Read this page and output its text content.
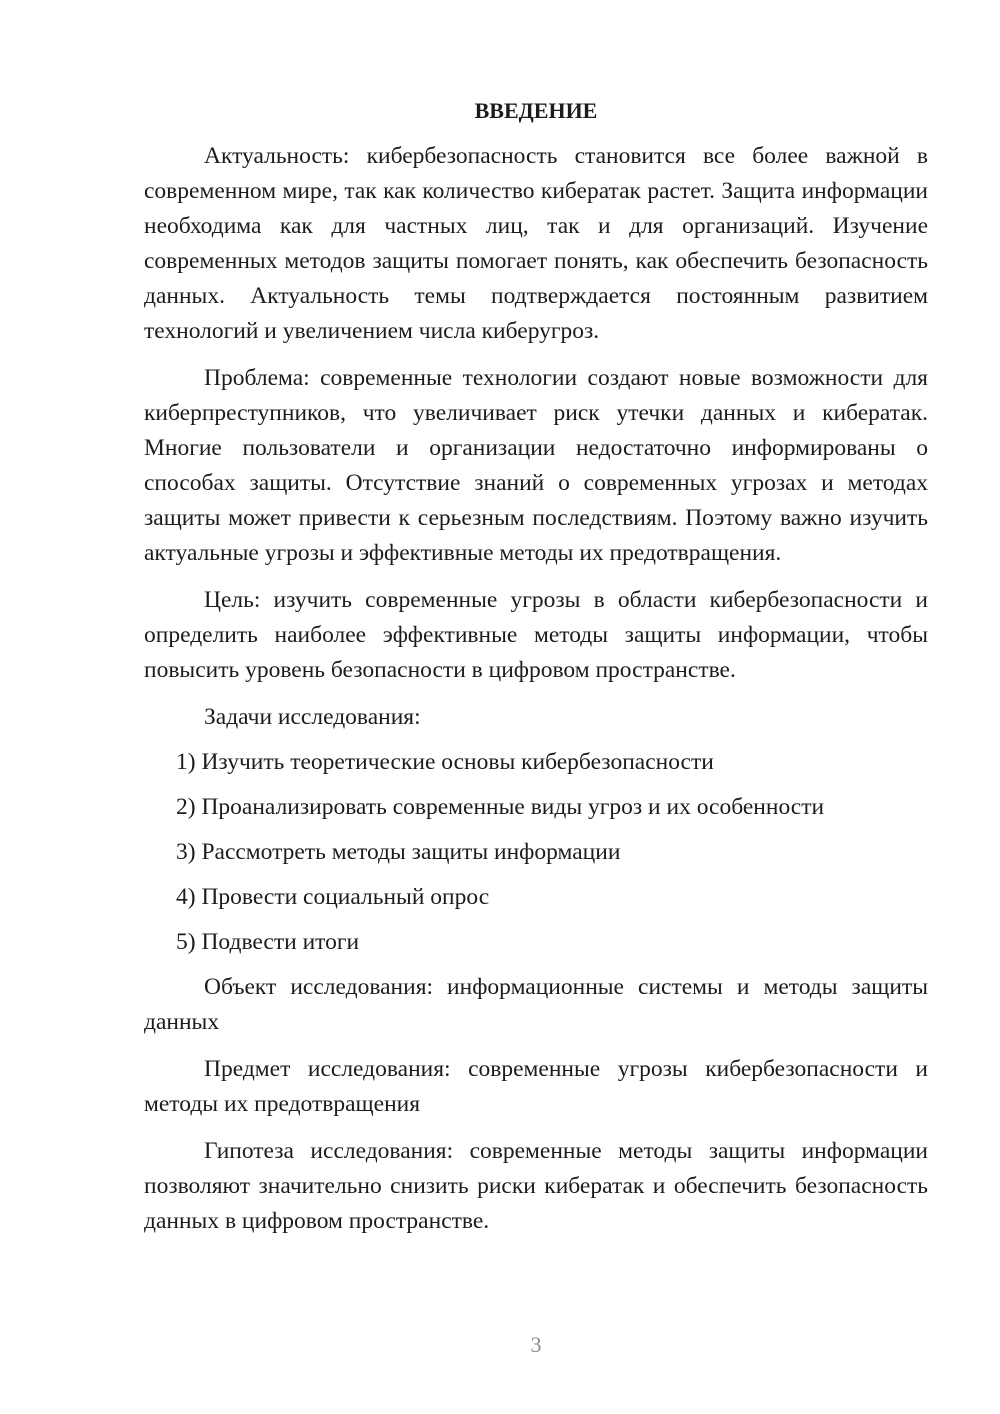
ВВЕДЕНИЕ

Актуальность: кибербезопасность становится все более важной в современном мире, так как количество кибератак растет. Защита информации необходима как для частных лиц, так и для организаций. Изучение современных методов защиты помогает понять, как обеспечить безопасность данных. Актуальность темы подтверждается постоянным развитием технологий и увеличением числа киберугроз.

Проблема: современные технологии создают новые возможности для киберпреступников, что увеличивает риск утечки данных и кибератак. Многие пользователи и организации недостаточно информированы о способах защиты. Отсутствие знаний о современных угрозах и методах защиты может привести к серьезным последствиям. Поэтому важно изучить актуальные угрозы и эффективные методы их предотвращения.

Цель: изучить современные угрозы в области кибербезопасности и определить наиболее эффективные методы защиты информации, чтобы повысить уровень безопасности в цифровом пространстве.

Задачи исследования:
1) Изучить теоретические основы кибербезопасности
2) Проанализировать современные виды угроз и их особенности
3) Рассмотреть методы защиты информации
4) Провести социальный опрос
5) Подвести итоги

Объект исследования: информационные системы и методы защиты данных

Предмет исследования: современные угрозы кибербезопасности и методы их предотвращения

Гипотеза исследования: современные методы защиты информации позволяют значительно снизить риски кибератак и обеспечить безопасность данных в цифровом пространстве.

3
